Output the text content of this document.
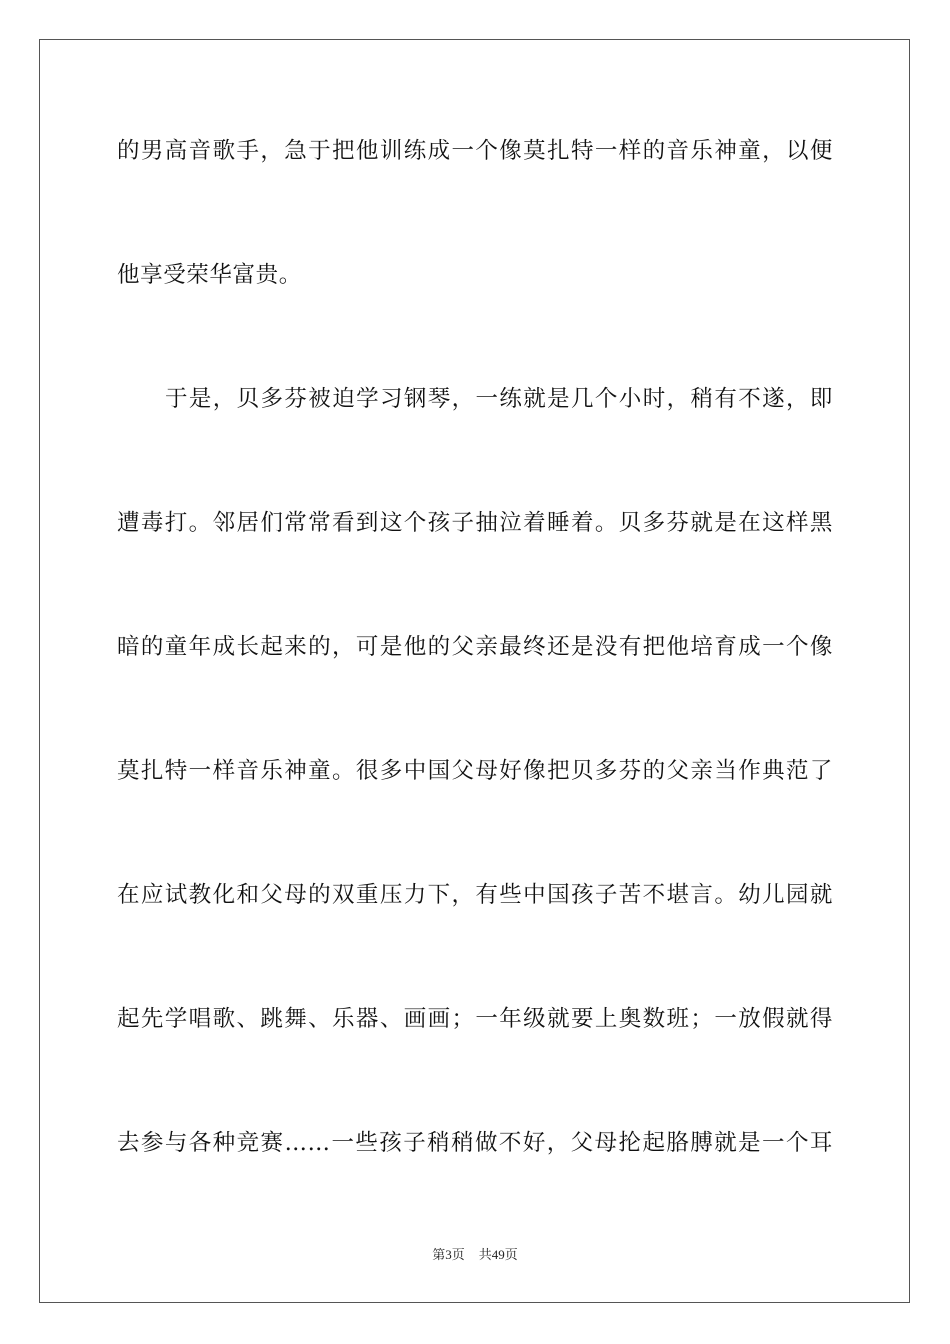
的男高音歌手，急于把他训练成一个像莫扎特一样的音乐神童，以便
他享受荣华富贵。
于是，贝多芬被迫学习钢琴，一练就是几个小时，稍有不遂，即
遭毒打。邻居们常常看到这个孩子抽泣着睡着。贝多芬就是在这样黑
暗的童年成长起来的，可是他的父亲最终还是没有把他培育成一个像
莫扎特一样音乐神童。很多中国父母好像把贝多芬的父亲当作典范了
在应试教化和父母的双重压力下，有些中国孩子苦不堪言。幼儿园就
起先学唱歌、跳舞、乐器、画画；一年级就要上奥数班；一放假就得
去参与各种竞赛……一些孩子稍稍做不好，父母抡起胳膊就是一个耳
第3页 共49页
